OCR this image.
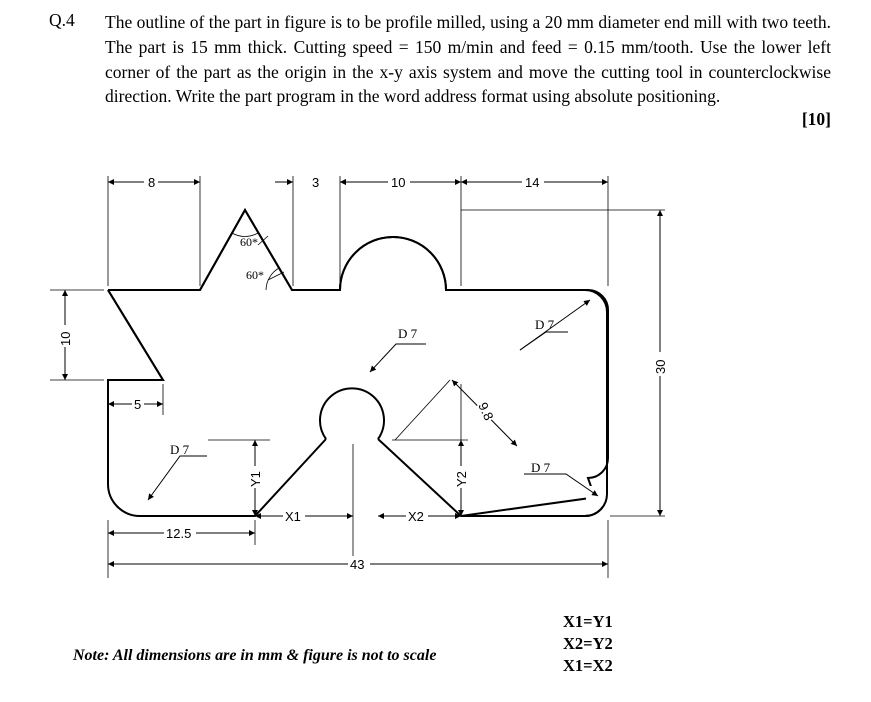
Q.4 The outline of the part in figure is to be profile milled, using a 20 mm diameter end mill with two teeth. The part is 15 mm thick. Cutting speed = 150 m/min and feed = 0.15 mm/tooth. Use the lower left corner of the part as the origin in the x-y axis system and move the cutting tool in counterclockwise direction. Write the part program in the word address format using absolute positioning.

[10]
8	3	10	14
10
5
30
12.5
43
X1	X2
Y1	Y2
9.8
D 7
D 7
D 7
D 7
60*
60*
Note: All dimensions are in mm & figure is not to scale
X1=Y1
X2=Y2
X1=X2
